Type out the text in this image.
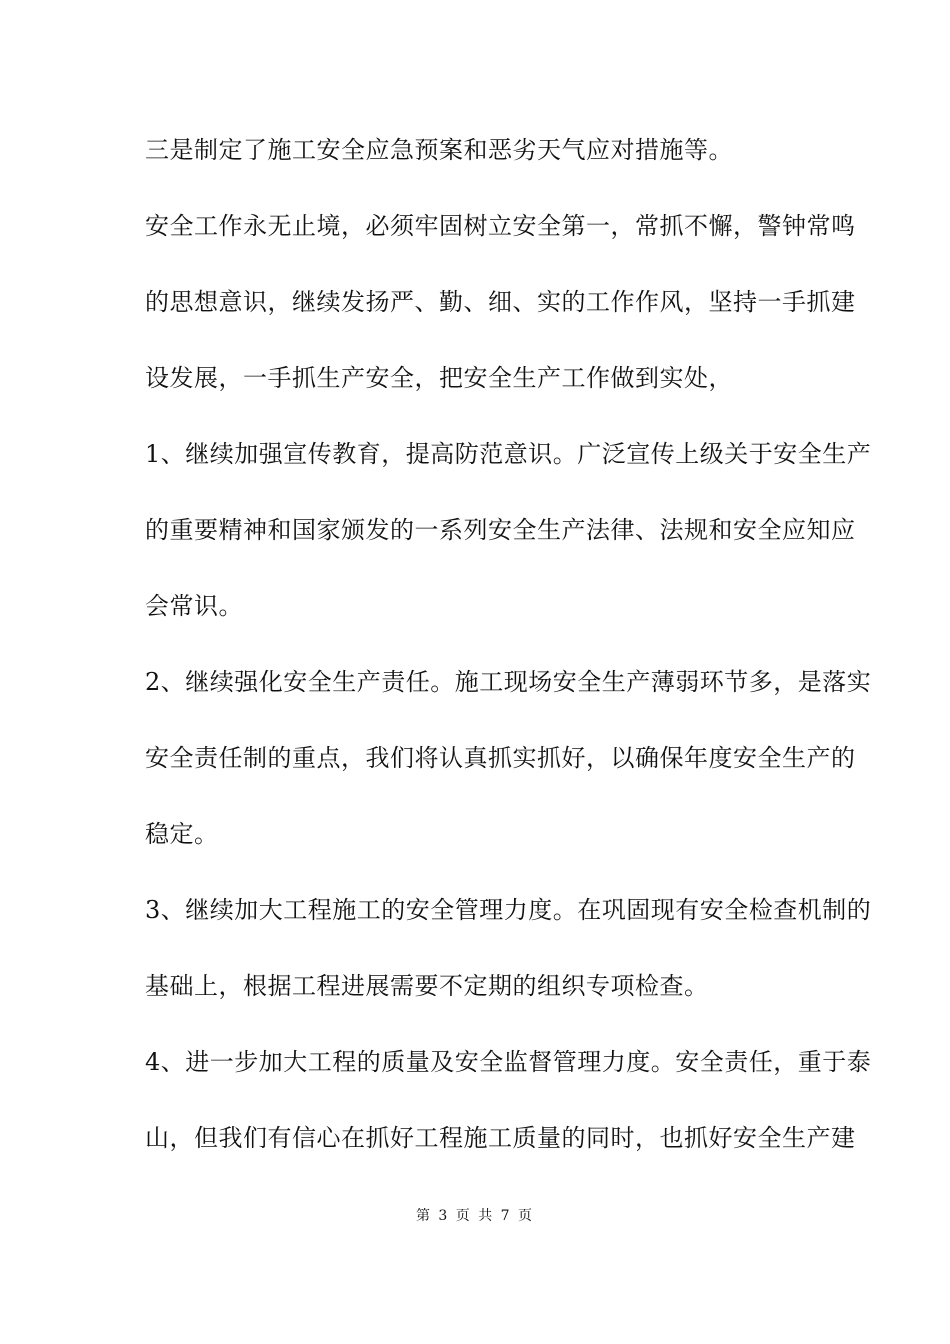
三是制定了施工安全应急预案和恶劣天气应对措施等。
安全工作永无止境，必须牢固树立安全第一，常抓不懈，警钟常鸣
的思想意识，继续发扬严、勤、细、实的工作作风，坚持一手抓建
设发展，一手抓生产安全，把安全生产工作做到实处，
1、继续加强宣传教育，提高防范意识。广泛宣传上级关于安全生产
的重要精神和国家颁发的一系列安全生产法律、法规和安全应知应
会常识。
2、继续强化安全生产责任。施工现场安全生产薄弱环节多，是落实
安全责任制的重点，我们将认真抓实抓好，以确保年度安全生产的
稳定。
3、继续加大工程施工的安全管理力度。在巩固现有安全检查机制的
基础上，根据工程进展需要不定期的组织专项检查。
4、进一步加大工程的质量及安全监督管理力度。安全责任，重于泰
山，但我们有信心在抓好工程施工质量的同时，也抓好安全生产建
第 3 页 共 7 页
